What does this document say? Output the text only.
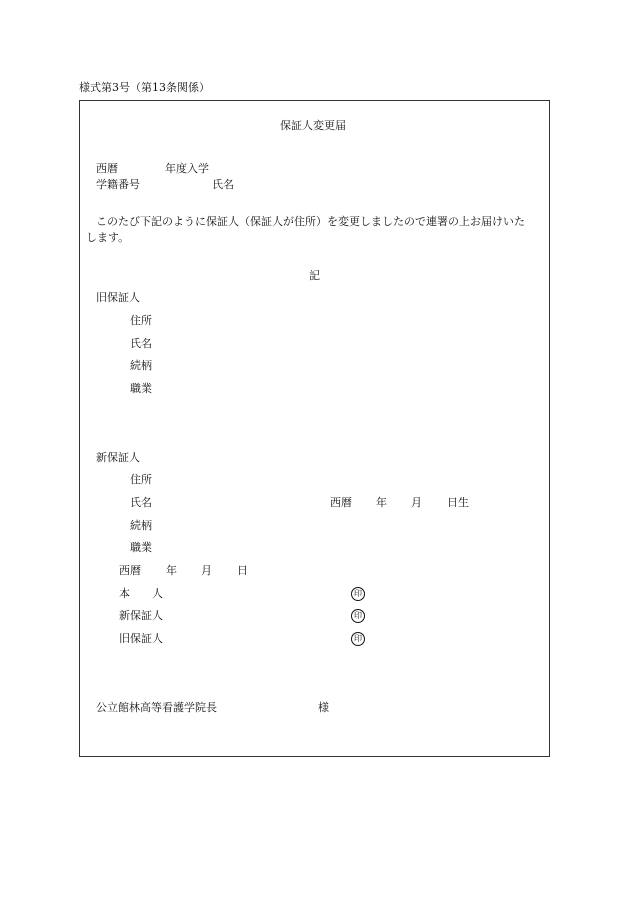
様式第3号（第13条関係）
保証人変更届
西暦	年度入学
学籍番号	氏名
このたび下記のように保証人（保証人が住所）を変更しましたので連署の上お届けいた
します。
記
旧保証人
住所
氏名
続柄
職業
新保証人
住所
氏名	西暦 年 月 日生
続柄
職業
西暦 年 月 日
本　　人	印
新保証人	印
旧保証人	印
公立館林高等看護学院長	様
